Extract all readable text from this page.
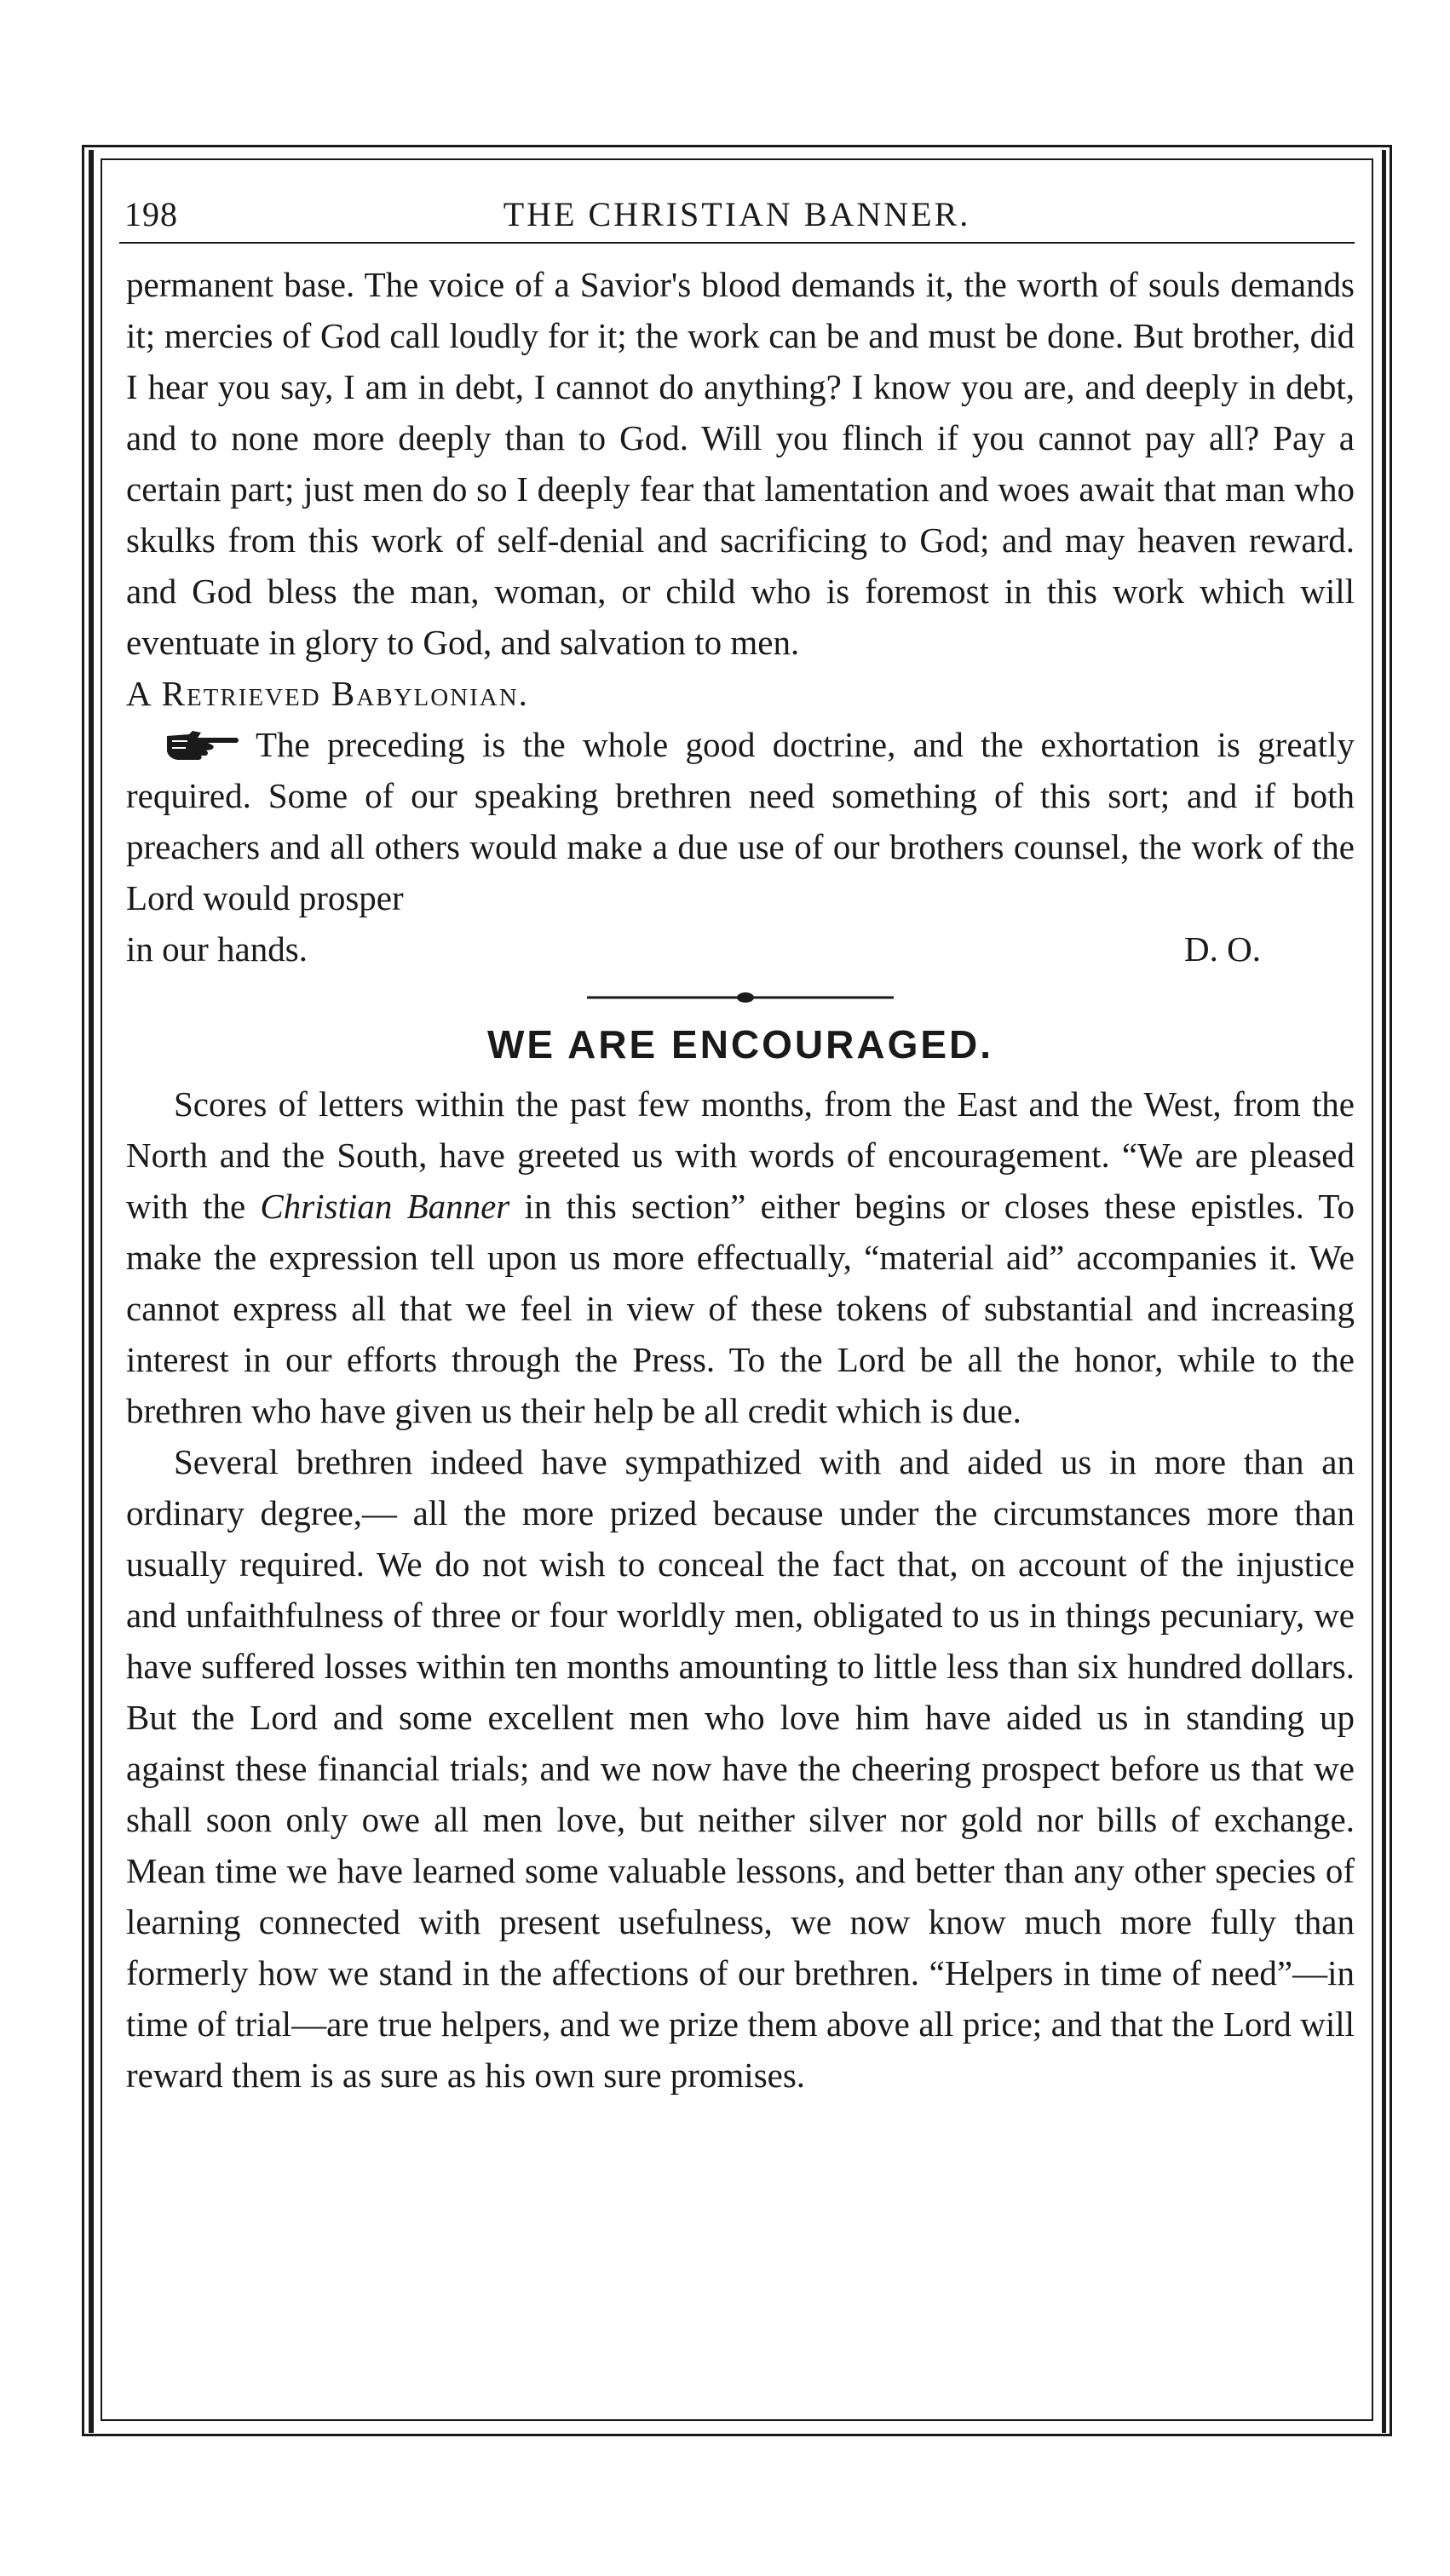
198	THE CHRISTIAN BANNER.

permanent base. The voice of a Savior's blood demands it, the worth of souls demands it; mercies of God call loudly for it; the work can be and must be done. But brother, did I hear you say, I am in debt, I cannot do anything? I know you are, and deeply in debt, and to none more deeply than to God. Will you flinch if you cannot pay all? Pay a certain part; just men do so I deeply fear that lamentation and woes await that man who skulks from this work of self-denial and sacrificing to God; and may heaven reward. and God bless the man, woman, or child who is foremost in this work which will eventuate in glory to God, and salvation to men.

A Retrieved Babylonian.

The preceding is the whole good doctrine, and the exhortation is greatly required. Some of our speaking brethren need something of this sort; and if both preachers and all others would make a due use of our brothers counsel, the work of the Lord would prosper

in our hands.	D. O.
WE ARE ENCOURAGED.

Scores of letters within the past few months, from the East and the West, from the North and the South, have greeted us with words of encouragement. “We are pleased with the Christian Banner in this section” either begins or closes these epistles. To make the expression tell upon us more effectually, “material aid” accompanies it. We cannot express all that we feel in view of these tokens of substantial and increasing interest in our efforts through the Press. To the Lord be all the honor, while to the brethren who have given us their help be all credit which is due.

Several brethren indeed have sympathized with and aided us in more than an ordinary degree,— all the more prized because under the circumstances more than usually required. We do not wish to conceal the fact that, on account of the injustice and unfaithfulness of three or four worldly men, obligated to us in things pecuniary, we have suffered losses within ten months amounting to little less than six hundred dollars. But the Lord and some excellent men who love him have aided us in standing up against these financial trials; and we now have the cheering prospect before us that we shall soon only owe all men love, but neither silver nor gold nor bills of exchange. Mean time we have learned some valuable lessons, and better than any other species of learning connected with present usefulness, we now know much more fully than formerly how we stand in the affections of our brethren. “Helpers in time of need”—in time of trial—are true helpers, and we prize them above all price; and that the Lord will reward them is as sure as his own sure promises.
